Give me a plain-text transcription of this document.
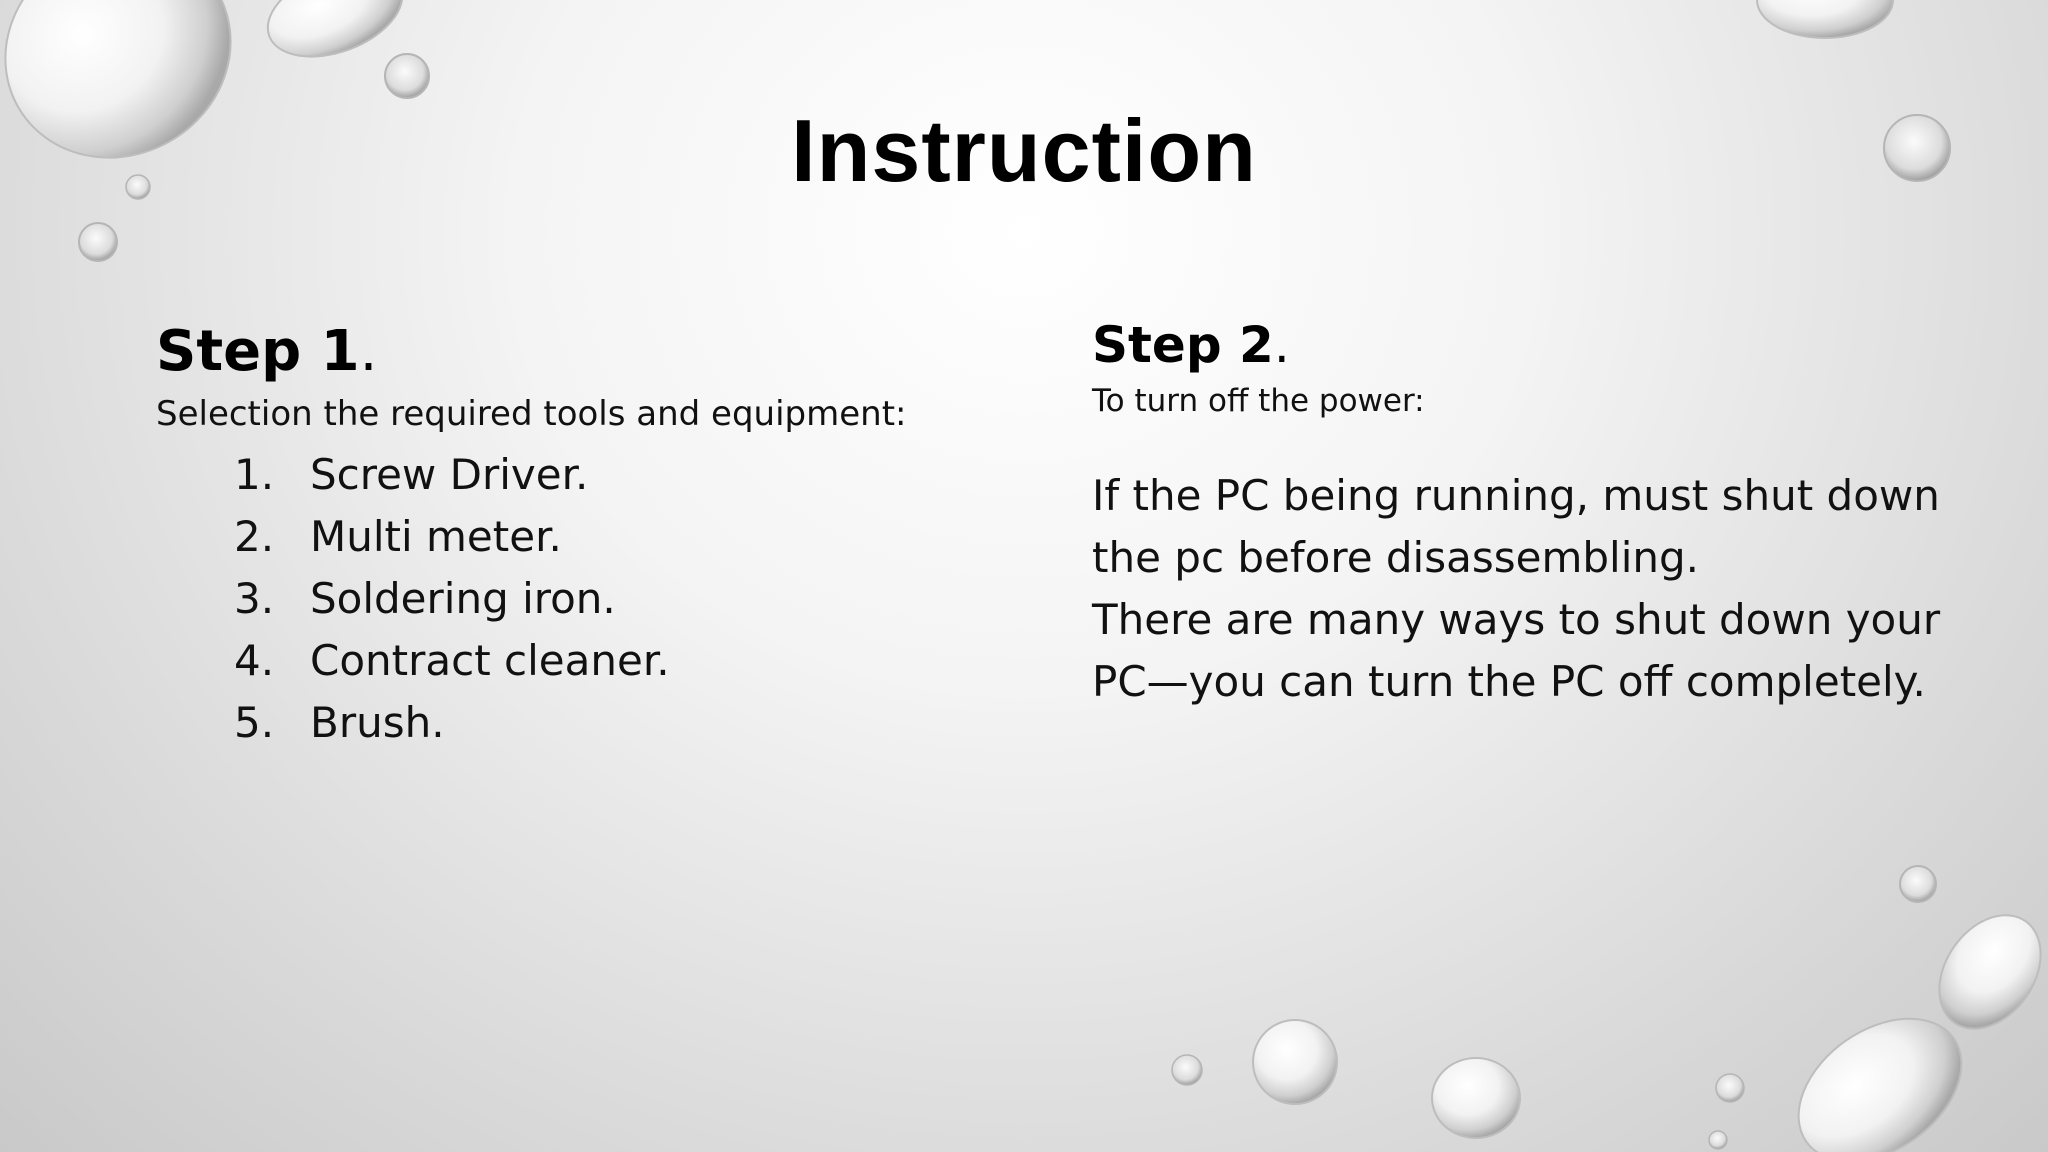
Instruction
Step 1.
Selection the required tools and equipment:
1. Screw Driver.
2. Multi meter.
3. Soldering iron.
4. Contract cleaner.
5. Brush.
Step 2.
To turn off the power:
If the PC being running, must shut down
the pc before disassembling.
There are many ways to shut down your
PC—you can turn the PC off completely.
